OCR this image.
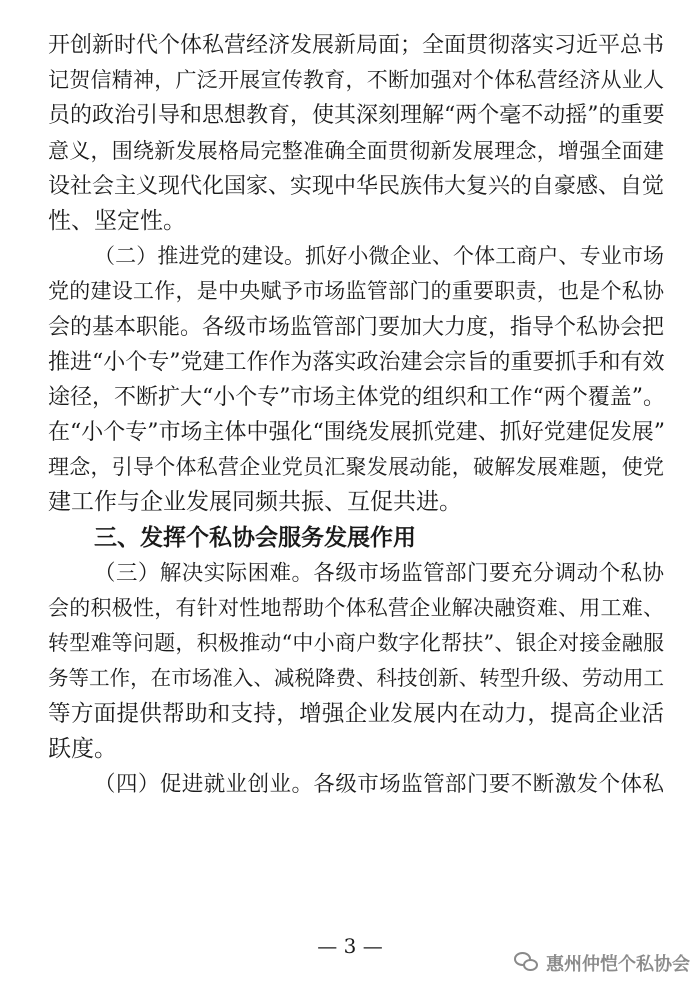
开创新时代个体私营经济发展新局面；全面贯彻落实习近平总书
记贺信精神，广泛开展宣传教育，不断加强对个体私营经济从业人
员的政治引导和思想教育，使其深刻理解“两个毫不动摇”的重要
意义，围绕新发展格局完整准确全面贯彻新发展理念，增强全面建
设社会主义现代化国家、实现中华民族伟大复兴的自豪感、自觉
性、坚定性。
（二）推进党的建设。抓好小微企业、个体工商户、专业市场
党的建设工作，是中央赋予市场监管部门的重要职责，也是个私协
会的基本职能。各级市场监管部门要加大力度，指导个私协会把
推进“小个专”党建工作作为落实政治建会宗旨的重要抓手和有效
途径，不断扩大“小个专”市场主体党的组织和工作“两个覆盖”。
在“小个专”市场主体中强化“围绕发展抓党建、抓好党建促发展”
理念，引导个体私营企业党员汇聚发展动能，破解发展难题，使党
建工作与企业发展同频共振、互促共进。
三、发挥个私协会服务发展作用
（三）解决实际困难。各级市场监管部门要充分调动个私协
会的积极性，有针对性地帮助个体私营企业解决融资难、用工难、
转型难等问题，积极推动“中小商户数字化帮扶”、银企对接金融服
务等工作，在市场准入、减税降费、科技创新、转型升级、劳动用工
等方面提供帮助和支持，增强企业发展内在动力，提高企业活
跃度。
（四）促进就业创业。各级市场监管部门要不断激发个体私
— 3 —
惠州仲恺个私协会
